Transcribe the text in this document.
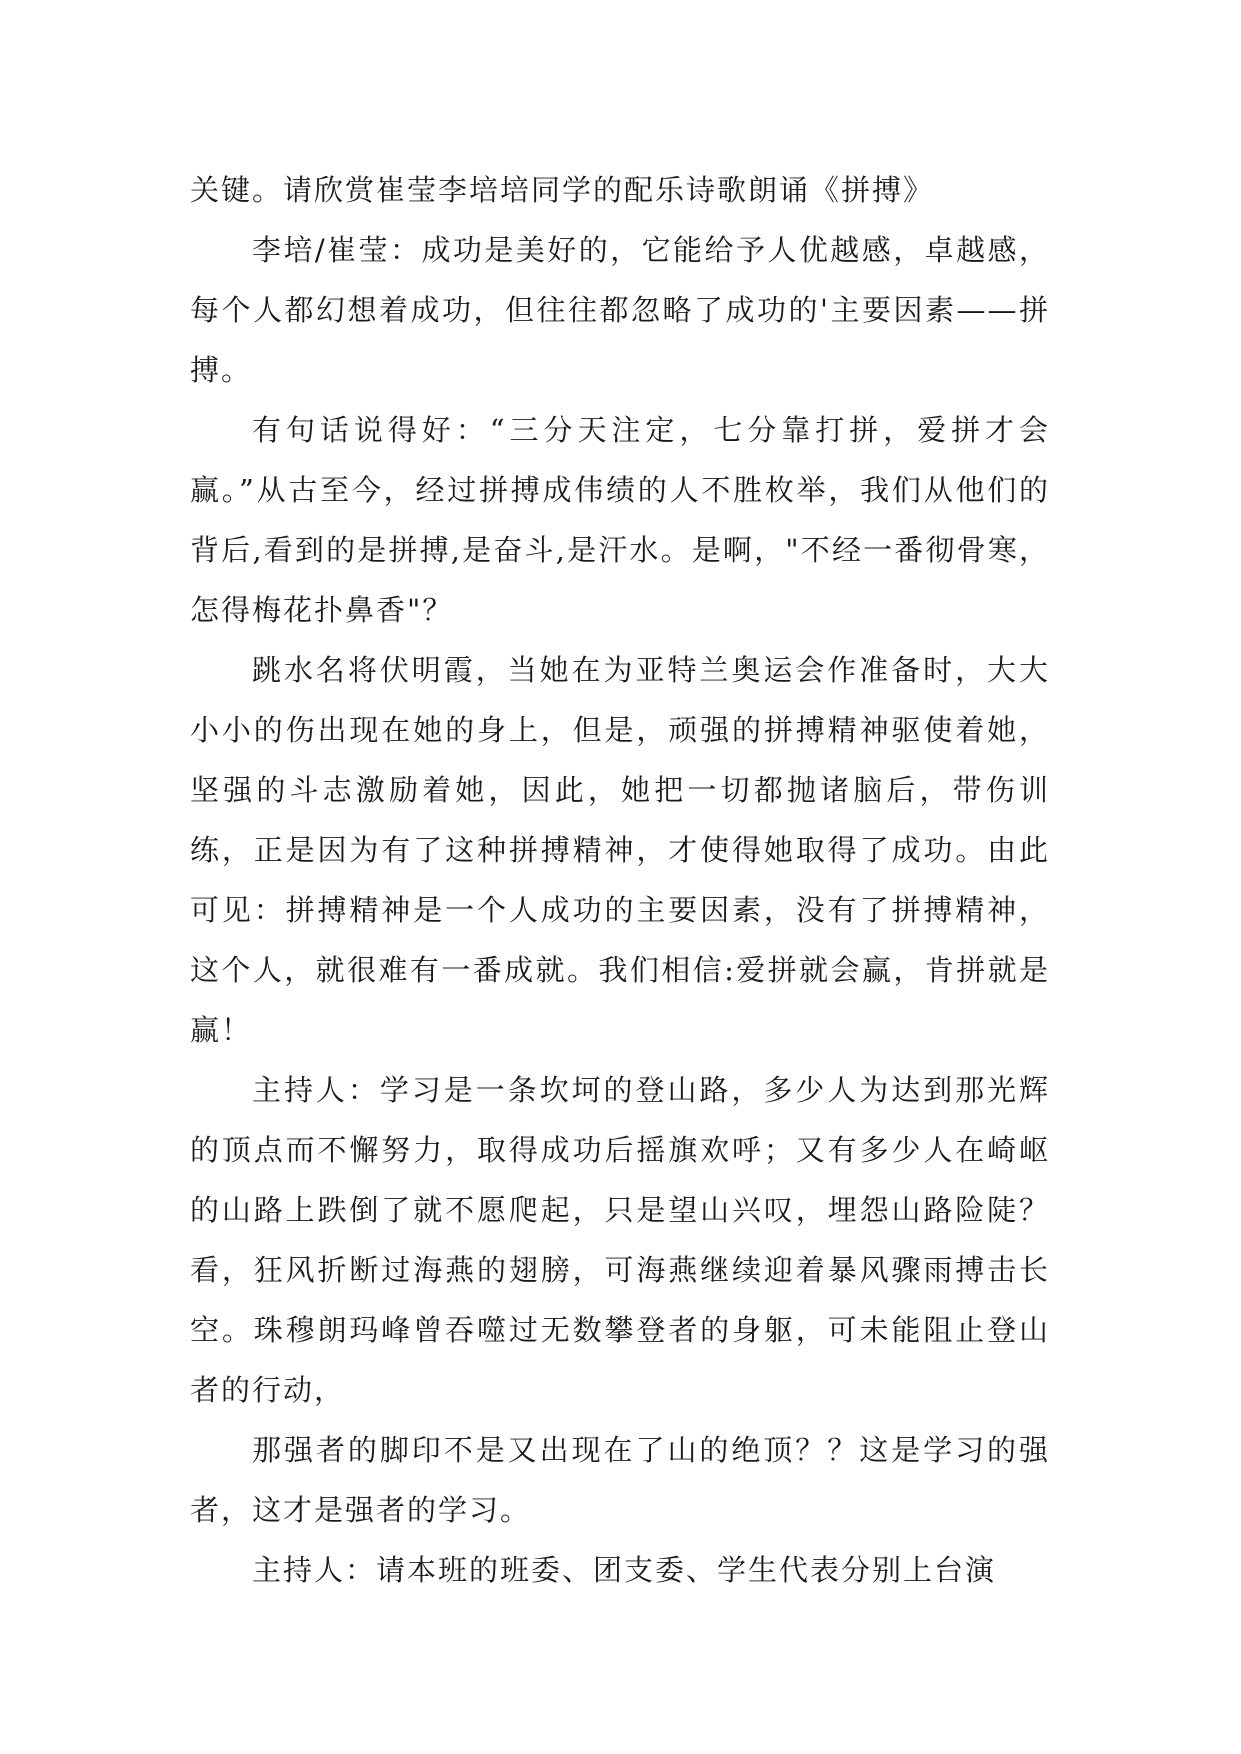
关键。请欣赏崔莹李培培同学的配乐诗歌朗诵《拼搏》

李培/崔莹：成功是美好的，它能给予人优越感，卓越感，每个人都幻想着成功，但往往都忽略了成功的'主要因素——拼搏。

有句话说得好：“三分天注定，七分靠打拼，爱拼才会赢。”从古至今，经过拼搏成伟绩的人不胜枚举，我们从他们的背后,看到的是拼搏,是奋斗,是汗水。是啊，"不经一番彻骨寒，怎得梅花扑鼻香"？

跳水名将伏明霞，当她在为亚特兰奥运会作准备时，大大小小的伤出现在她的身上，但是，顽强的拼搏精神驱使着她，坚强的斗志激励着她，因此，她把一切都抛诸脑后，带伤训练，正是因为有了这种拼搏精神，才使得她取得了成功。由此可见：拼搏精神是一个人成功的主要因素，没有了拼搏精神，这个人，就很难有一番成就。我们相信:爱拼就会赢，肯拼就是赢！

主持人：学习是一条坎坷的登山路，多少人为达到那光辉的顶点而不懈努力，取得成功后摇旗欢呼；又有多少人在崎岖的山路上跌倒了就不愿爬起，只是望山兴叹，埋怨山路险陡？看，狂风折断过海燕的翅膀，可海燕继续迎着暴风骤雨搏击长空。珠穆朗玛峰曾吞噬过无数攀登者的身躯，可未能阻止登山者的行动，

那强者的脚印不是又出现在了山的绝顶？？这是学习的强者，这才是强者的学习。

主持人：请本班的班委、团支委、学生代表分别上台演
